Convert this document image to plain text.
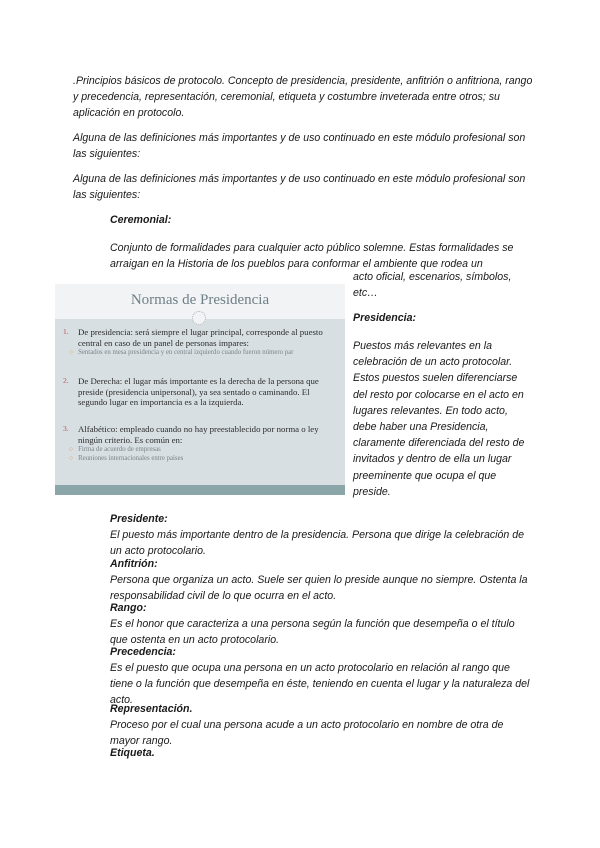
.Principios básicos de protocolo. Concepto de presidencia, presidente, anfitrión o anfitriona, rango y precedencia, representación, ceremonial, etiqueta y costumbre inveterada entre otros; su aplicación en protocolo.

Alguna de las definiciones más importantes y de uso continuado en este módulo profesional son las siguientes:

Alguna de las definiciones más importantes y de uso continuado en este módulo profesional son las siguientes:

Ceremonial:

Conjunto de formalidades para cualquier acto público solemne. Estas formalidades se arraigan en la Historia de los pueblos para conformar el ambiente que rodea un

acto oficial, escenarios, símbolos, etc…

Presidencia:

Puestos más relevantes en la celebración de un acto protocolar. Estos puestos suelen diferenciarse del resto por colocarse en el acto en lugares relevantes. En todo acto, debe haber una Presidencia, claramente diferenciada del resto de invitados y dentro de ella un lugar preeminente que ocupa el que preside.

Normas de Presidencia
1. De presidencia: será siempre el lugar principal, corresponde al puesto central en caso de un panel de personas impares:
○ Sentados en mesa presidencia y en central izquierdo cuando fueron número par
2. De Derecha: el lugar más importante es la derecha de la persona que preside (presidencia unipersonal), ya sea sentado o caminando. El segundo lugar en importancia es a la izquierda.
3. Alfabético: empleado cuando no hay preestablecido por norma o ley ningún criterio. Es común en:
○ Firma de acuerdo de empresas
○ Reuniones internacionales entre países
Presidente:
El puesto más importante dentro de la presidencia. Persona que dirige la celebración de un acto protocolario.
Anfitrión:
Persona que organiza un acto. Suele ser quien lo preside aunque no siempre. Ostenta la responsabilidad civil de lo que ocurra en el acto.
Rango:
Es el honor que caracteriza a una persona según la función que desempeña o el título que ostenta en un acto protocolario.
Precedencia:
Es el puesto que ocupa una persona en un acto protocolario en relación al rango que tiene o la función que desempeña en éste, teniendo en cuenta el lugar y la naturaleza del acto.
Representación.
Proceso por el cual una persona acude a un acto protocolario en nombre de otra de mayor rango.
Etiqueta.
